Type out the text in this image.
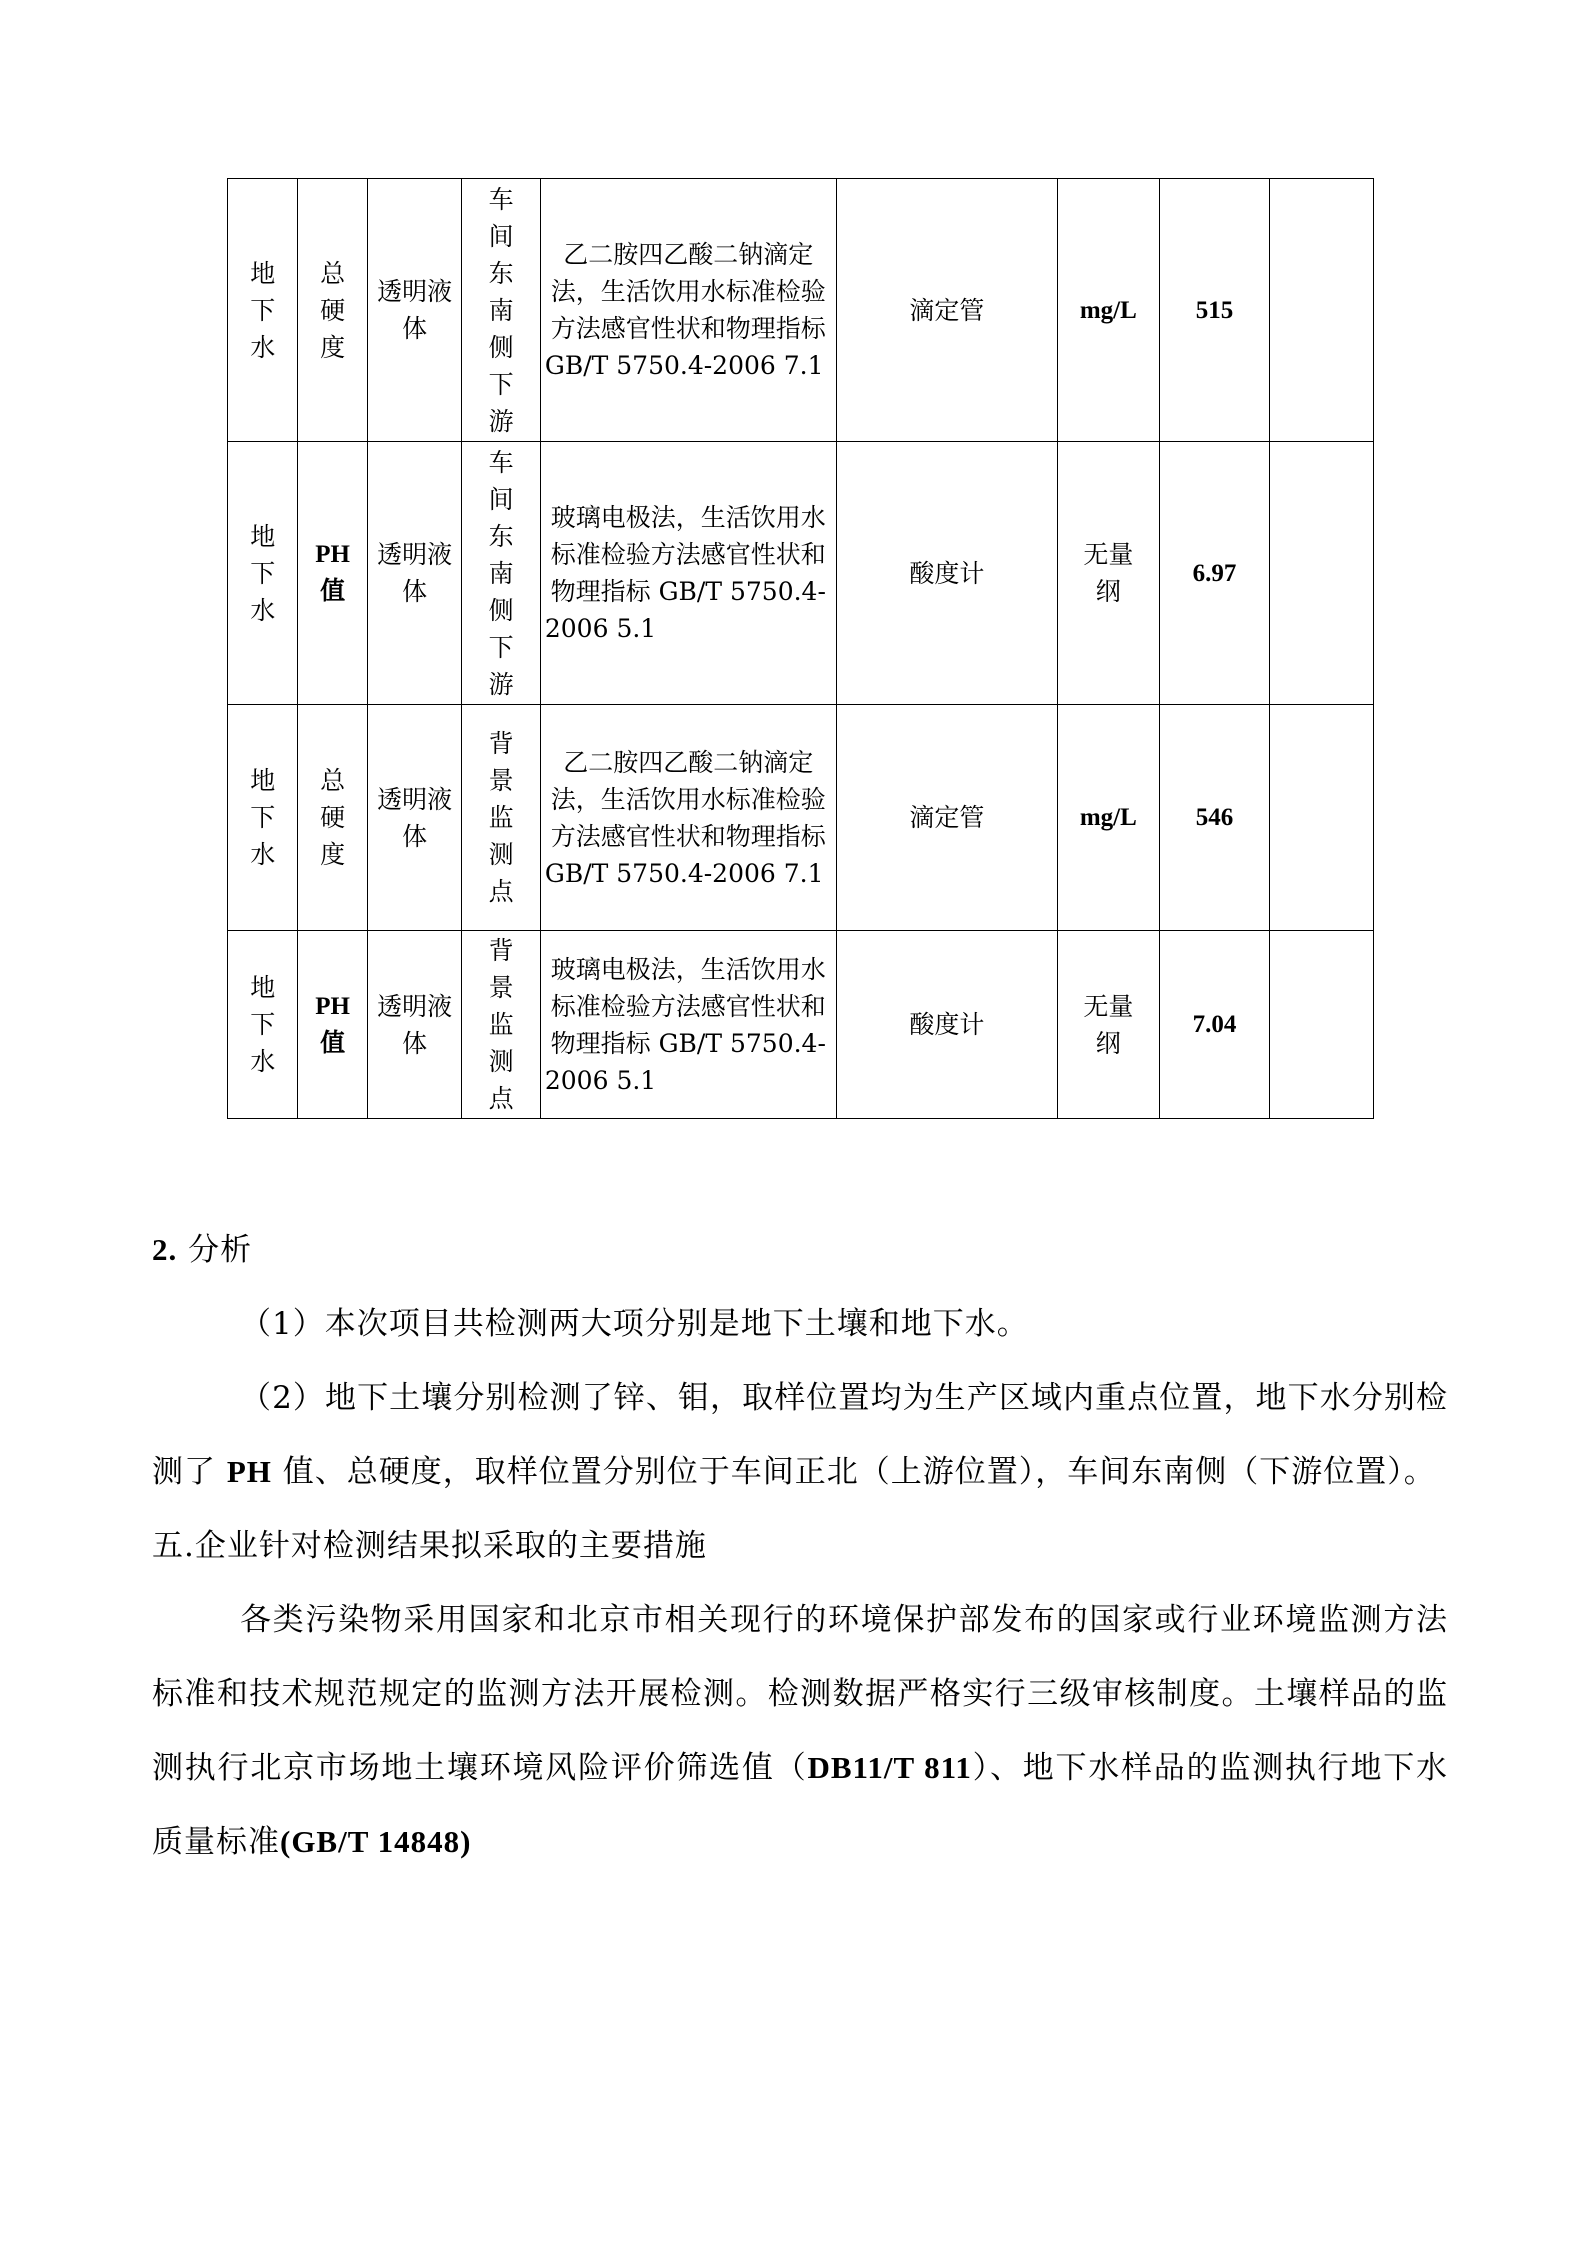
地下水	总硬度	透明液体	车间东南侧下游	乙二胺四乙酸二钠滴定法，生活饮用水标准检验方法感官性状和物理指标 GB/T 5750.4-2006 7.1	滴定管	mg/L	515	

地下水	PH值	透明液体	车间东南侧下游	玻璃电极法，生活饮用水标准检验方法感官性状和物理指标 GB/T 5750.4-2006 5.1	酸度计	无量纲	6.97	

地下水	总硬度	透明液体	背景监测点	乙二胺四乙酸二钠滴定法，生活饮用水标准检验方法感官性状和物理指标 GB/T 5750.4-2006 7.1	滴定管	mg/L	546	

地下水	PH值	透明液体	背景监测点	玻璃电极法，生活饮用水标准检验方法感官性状和物理指标 GB/T 5750.4-2006 5.1	酸度计	无量纲	7.04	

2. 分析

（1）本次项目共检测两大项分别是地下土壤和地下水。

（2）地下土壤分别检测了锌、钼，取样位置均为生产区域内重点位置，地下水分别检测了 PH 值、总硬度，取样位置分别位于车间正北（上游位置），车间东南侧（下游位置）。

五.企业针对检测结果拟采取的主要措施

各类污染物采用国家和北京市相关现行的环境保护部发布的国家或行业环境监测方法标准和技术规范规定的监测方法开展检测。检测数据严格实行三级审核制度。土壤样品的监测执行北京市场地土壤环境风险评价筛选值（DB11/T 811）、地下水样品的监测执行地下水质量标准(GB/T 14848)
